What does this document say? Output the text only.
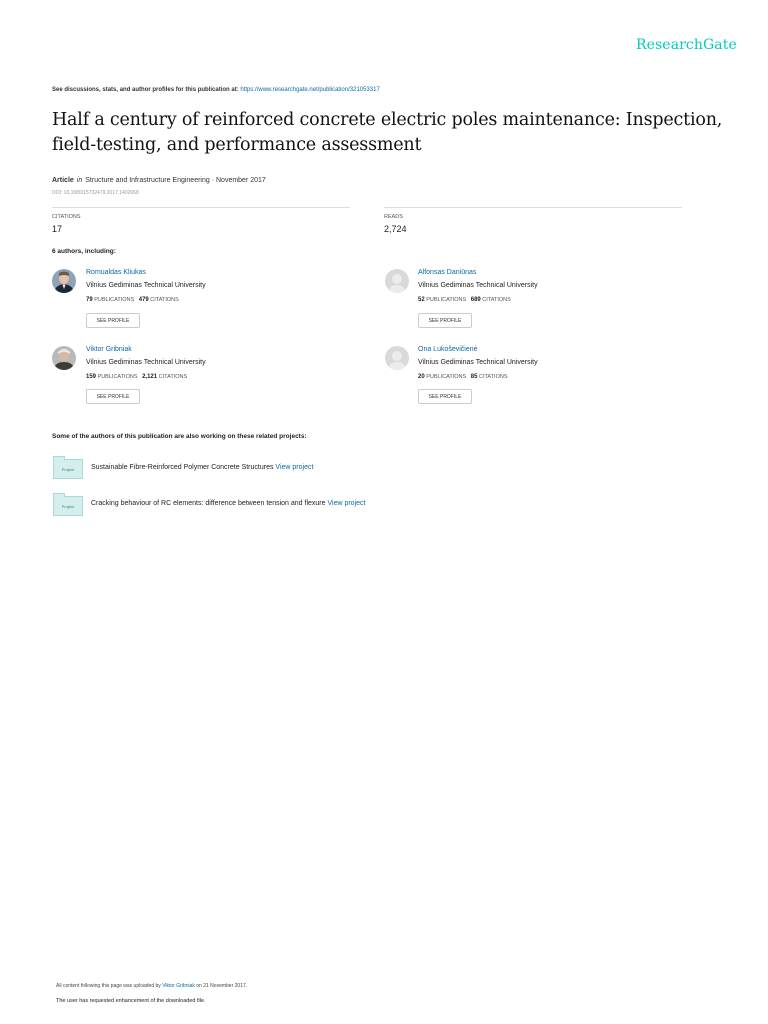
ResearchGate
See discussions, stats, and author profiles for this publication at: https://www.researchgate.net/publication/321053317
Half a century of reinforced concrete electric poles maintenance: Inspection, field-testing, and performance assessment
Article in Structure and Infrastructure Engineering · November 2017
DOI: 10.1080/15732479.2017.1402068
CITATIONS
17
READS
2,724
6 authors, including:
Romualdas Kliukas
Vilnius Gediminas Technical University
79 PUBLICATIONS 479 CITATIONS
SEE PROFILE
Alfonsas Daniūnas
Vilnius Gediminas Technical University
52 PUBLICATIONS 689 CITATIONS
SEE PROFILE
Viktor Gribniak
Vilnius Gediminas Technical University
159 PUBLICATIONS 2,121 CITATIONS
SEE PROFILE
Ona Lukoševičienė
Vilnius Gediminas Technical University
20 PUBLICATIONS 85 CITATIONS
SEE PROFILE
Some of the authors of this publication are also working on these related projects:
Project	Sustainable Fibre-Reinforced Polymer Concrete Structures View project
Project	Cracking behaviour of RC elements: difference between tension and flexure View project
All content following this page was uploaded by Viktor Gribniak on 21 November 2017.
The user has requested enhancement of the downloaded file.
